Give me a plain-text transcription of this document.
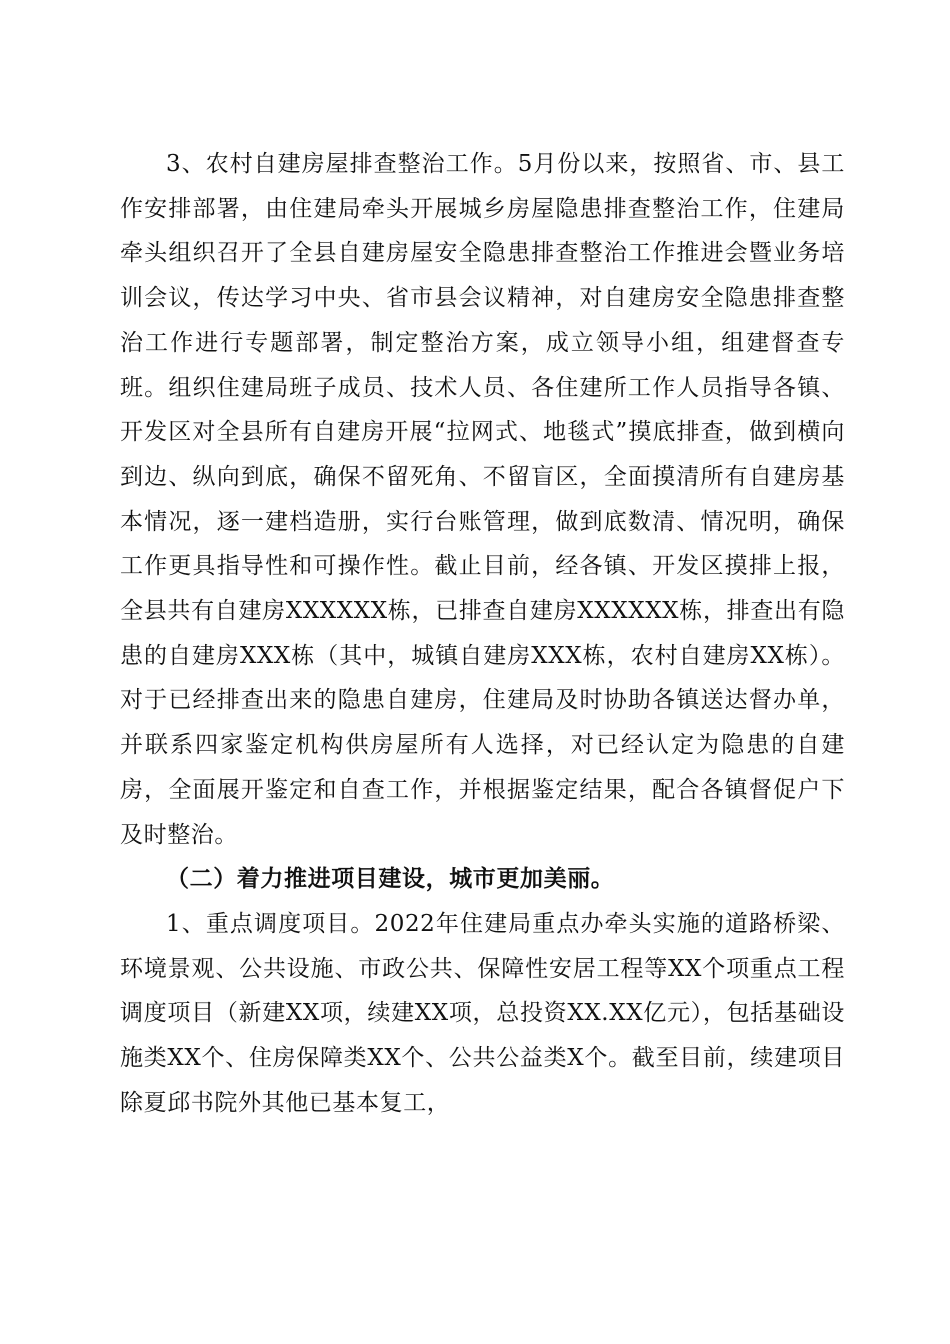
3、农村自建房屋排查整治工作。5月份以来，按照省、市、县工作安排部署，由住建局牵头开展城乡房屋隐患排查整治工作，住建局牵头组织召开了全县自建房屋安全隐患排查整治工作推进会暨业务培训会议，传达学习中央、省市县会议精神，对自建房安全隐患排查整治工作进行专题部署，制定整治方案，成立领导小组，组建督查专班。组织住建局班子成员、技术人员、各住建所工作人员指导各镇、开发区对全县所有自建房开展“拉网式、地毯式”摸底排查，做到横向到边、纵向到底，确保不留死角、不留盲区，全面摸清所有自建房基本情况，逐一建档造册，实行台账管理，做到底数清、情况明，确保工作更具指导性和可操作性。截止目前，经各镇、开发区摸排上报，全县共有自建房XXXXXX栋，已排查自建房XXXXXX栋，排查出有隐患的自建房XXX栋（其中，城镇自建房XXX栋，农村自建房XX栋）。对于已经排查出来的隐患自建房，住建局及时协助各镇送达督办单，并联系四家鉴定机构供房屋所有人选择，对已经认定为隐患的自建房，全面展开鉴定和自查工作，并根据鉴定结果，配合各镇督促户下及时整治。

（二）着力推进项目建设，城市更加美丽。

1、重点调度项目。2022年住建局重点办牵头实施的道路桥梁、环境景观、公共设施、市政公共、保障性安居工程等XX个项重点工程调度项目（新建XX项，续建XX项，总投资XX.XX亿元），包括基础设施类XX个、住房保障类XX个、公共公益类X个。截至目前，续建项目除夏邱书院外其他已基本复工，
